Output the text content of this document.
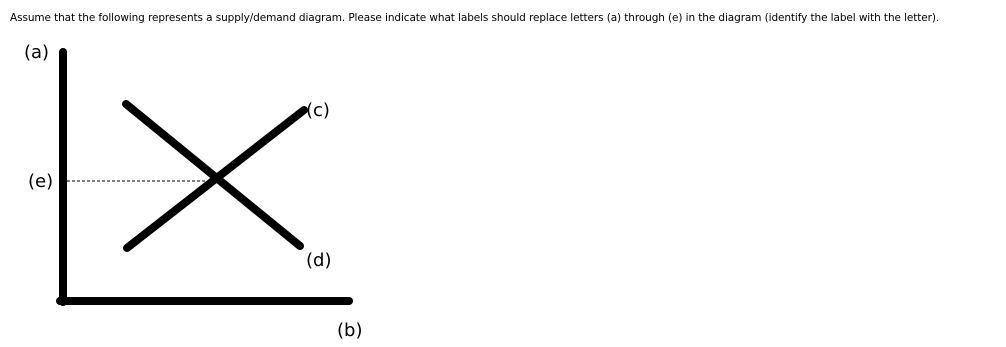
Assume that the following represents a supply/demand diagram. Please indicate what labels should replace letters (a) through (e) in the diagram (identify the label with the letter).
(a)
(e)
(c)
(d)
(b)
